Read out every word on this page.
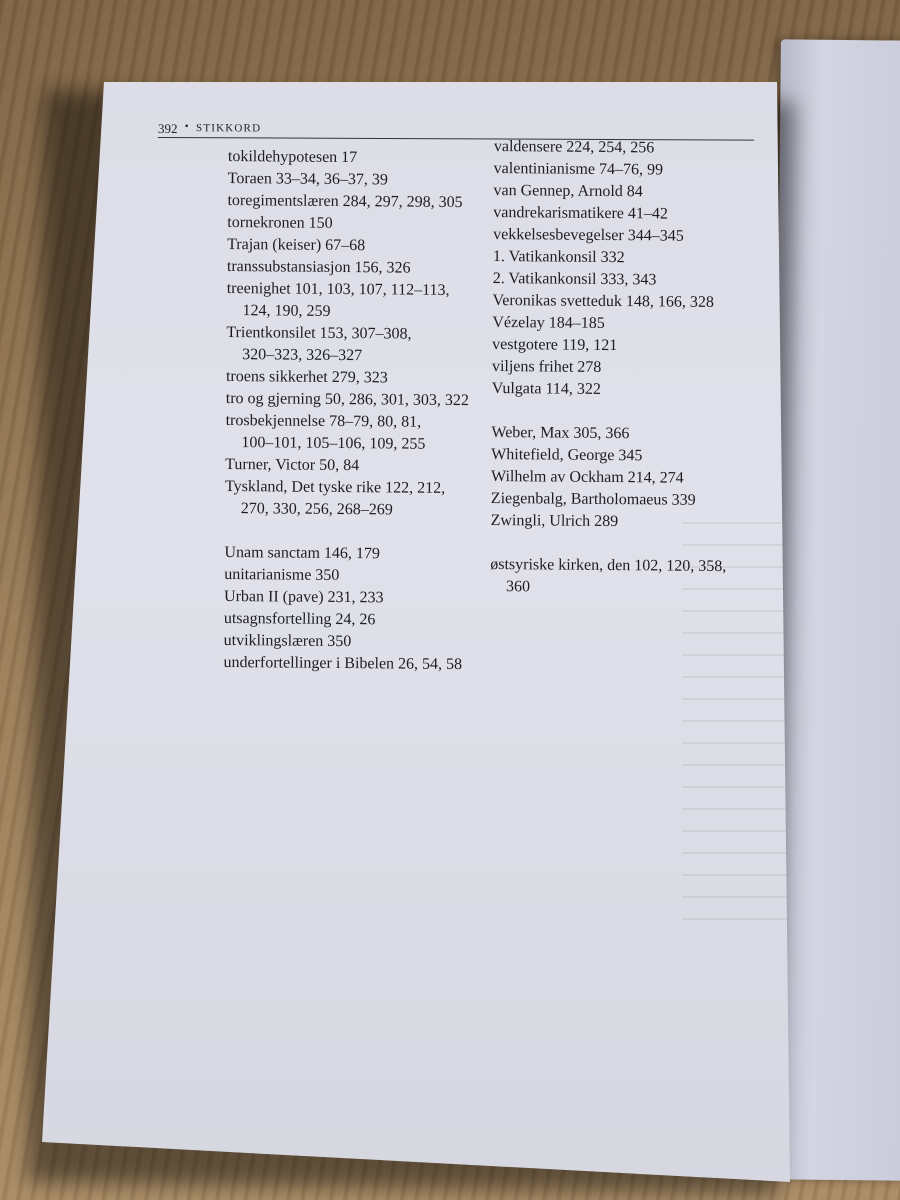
392 • STIKKORD
tokildehypotesen 17
Toraen 33–34, 36–37, 39
toregimentslæren 284, 297, 298, 305
tornekronen 150
Trajan (keiser) 67–68
transsubstansiasjon 156, 326
treenighet 101, 103, 107, 112–113,
124, 190, 259
Trientkonsilet 153, 307–308,
320–323, 326–327
troens sikkerhet 279, 323
tro og gjerning 50, 286, 301, 303, 322
trosbekjennelse 78–79, 80, 81,
100–101, 105–106, 109, 255
Turner, Victor 50, 84
Tyskland, Det tyske rike 122, 212,
270, 330, 256, 268–269
Unam sanctam 146, 179
unitarianisme 350
Urban II (pave) 231, 233
utsagnsfortelling 24, 26
utviklingslæren 350
underfortellinger i Bibelen 26, 54, 58
valdensere 224, 254, 256
valentinianisme 74–76, 99
van Gennep, Arnold 84
vandrekarismatikere 41–42
vekkelsesbevegelser 344–345
1. Vatikankonsil 332
2. Vatikankonsil 333, 343
Veronikas svetteduk 148, 166, 328
Vézelay 184–185
vestgotere 119, 121
viljens frihet 278
Vulgata 114, 322
Weber, Max 305, 366
Whitefield, George 345
Wilhelm av Ockham 214, 274
Ziegenbalg, Bartholomaeus 339
Zwingli, Ulrich 289
østsyriske kirken, den 102, 120, 358,
360
